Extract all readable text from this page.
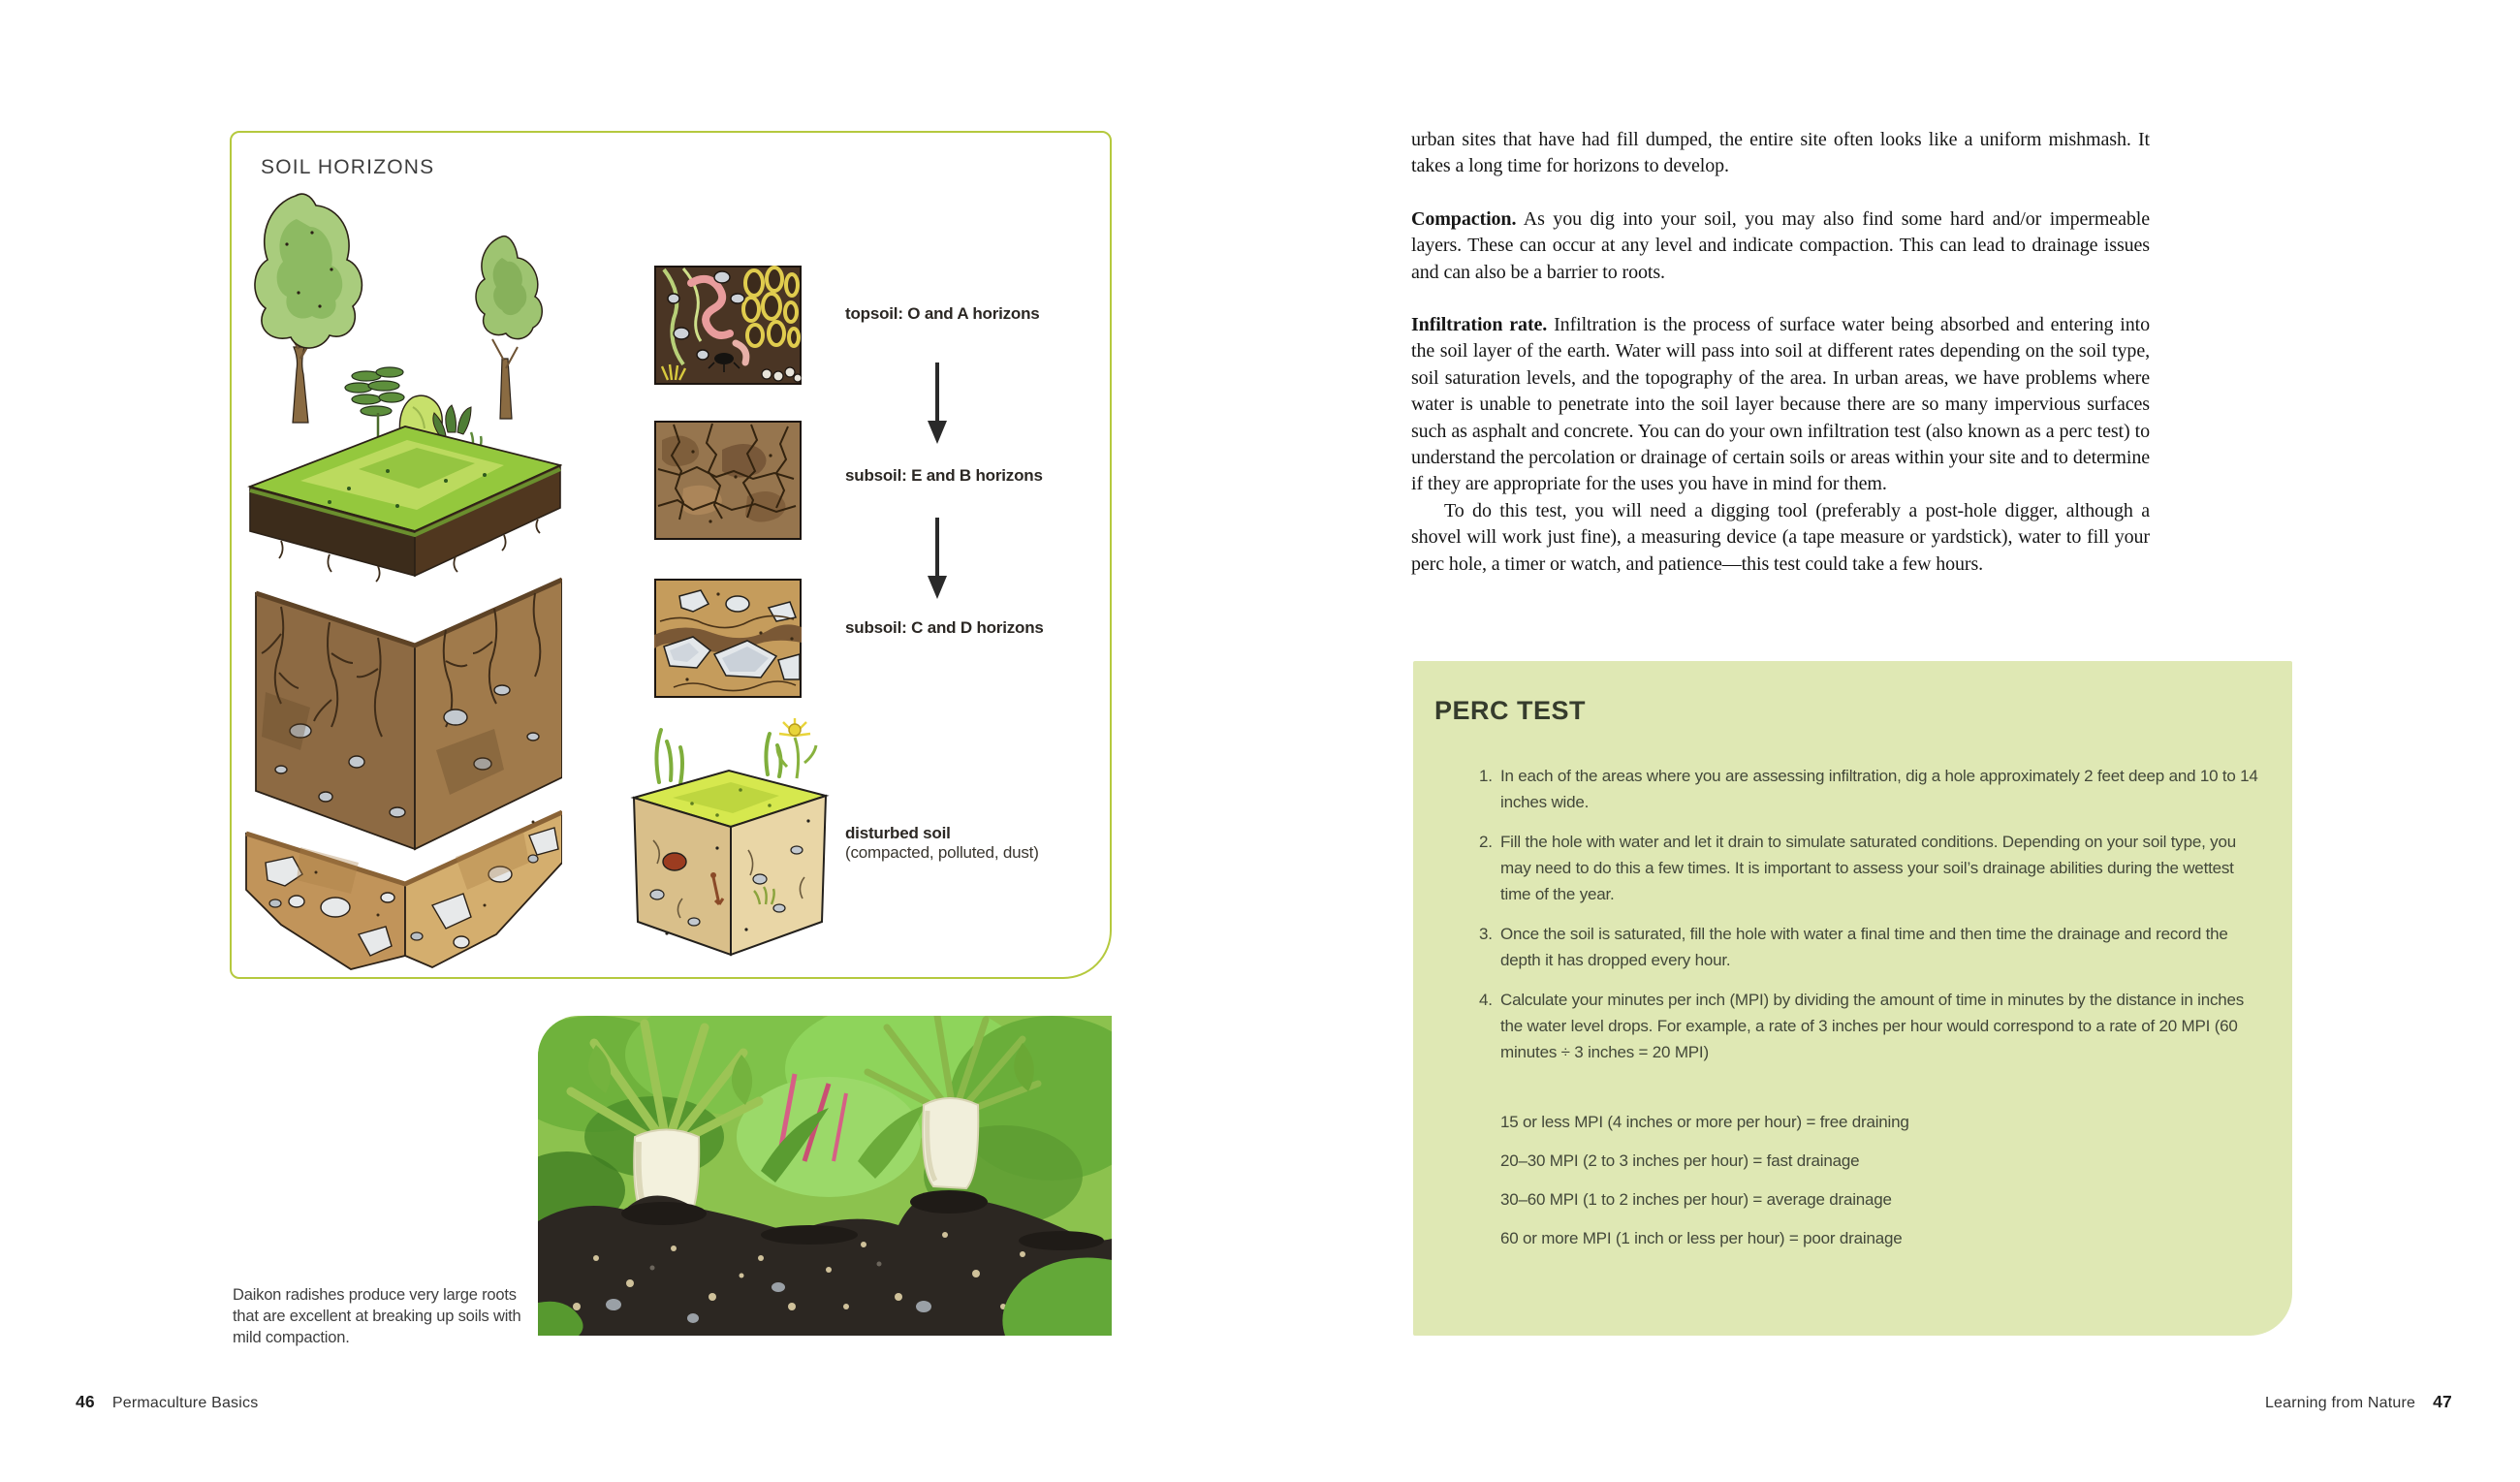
SOIL HORIZONS
topsoil: O and A horizons
subsoil: E and B horizons
subsoil: C and D horizons
disturbed soil
(compacted, polluted, dust)
Daikon radishes produce very large roots that are excellent at breaking up soils with mild compaction.
46 Permaculture Basics

urban sites that have had fill dumped, the entire site often looks like a uniform mishmash. It takes a long time for horizons to develop.

Compaction. As you dig into your soil, you may also find some hard and/or impermeable layers. These can occur at any level and indicate compaction. This can lead to drainage issues and can also be a barrier to roots.

Infiltration rate. Infiltration is the process of surface water being absorbed and entering into the soil layer of the earth. Water will pass into soil at different rates depending on the soil type, soil saturation levels, and the topography of the area. In urban areas, we have problems where water is unable to penetrate into the soil layer because there are so many impervious surfaces such as asphalt and concrete. You can do your own infiltration test (also known as a perc test) to understand the percolation or drainage of certain soils or areas within your site and to determine if they are appropriate for the uses you have in mind for them.

To do this test, you will need a digging tool (preferably a post-hole digger, although a shovel will work just fine), a measuring device (a tape measure or yardstick), water to fill your perc hole, a timer or watch, and patience—this test could take a few hours.

PERC TEST
1. In each of the areas where you are assessing infiltration, dig a hole approximately 2 feet deep and 10 to 14 inches wide.
2. Fill the hole with water and let it drain to simulate saturated conditions. Depending on your soil type, you may need to do this a few times. It is important to assess your soil’s drainage abilities during the wettest time of the year.
3. Once the soil is saturated, fill the hole with water a final time and then time the drainage and record the depth it has dropped every hour.
4. Calculate your minutes per inch (MPI) by dividing the amount of time in minutes by the distance in inches the water level drops. For example, a rate of 3 inches per hour would correspond to a rate of 20 MPI (60 minutes ÷ 3 inches = 20 MPI)
15 or less MPI (4 inches or more per hour) = free draining
20–30 MPI (2 to 3 inches per hour) = fast drainage
30–60 MPI (1 to 2 inches per hour) = average drainage
60 or more MPI (1 inch or less per hour) = poor drainage
Learning from Nature 47
